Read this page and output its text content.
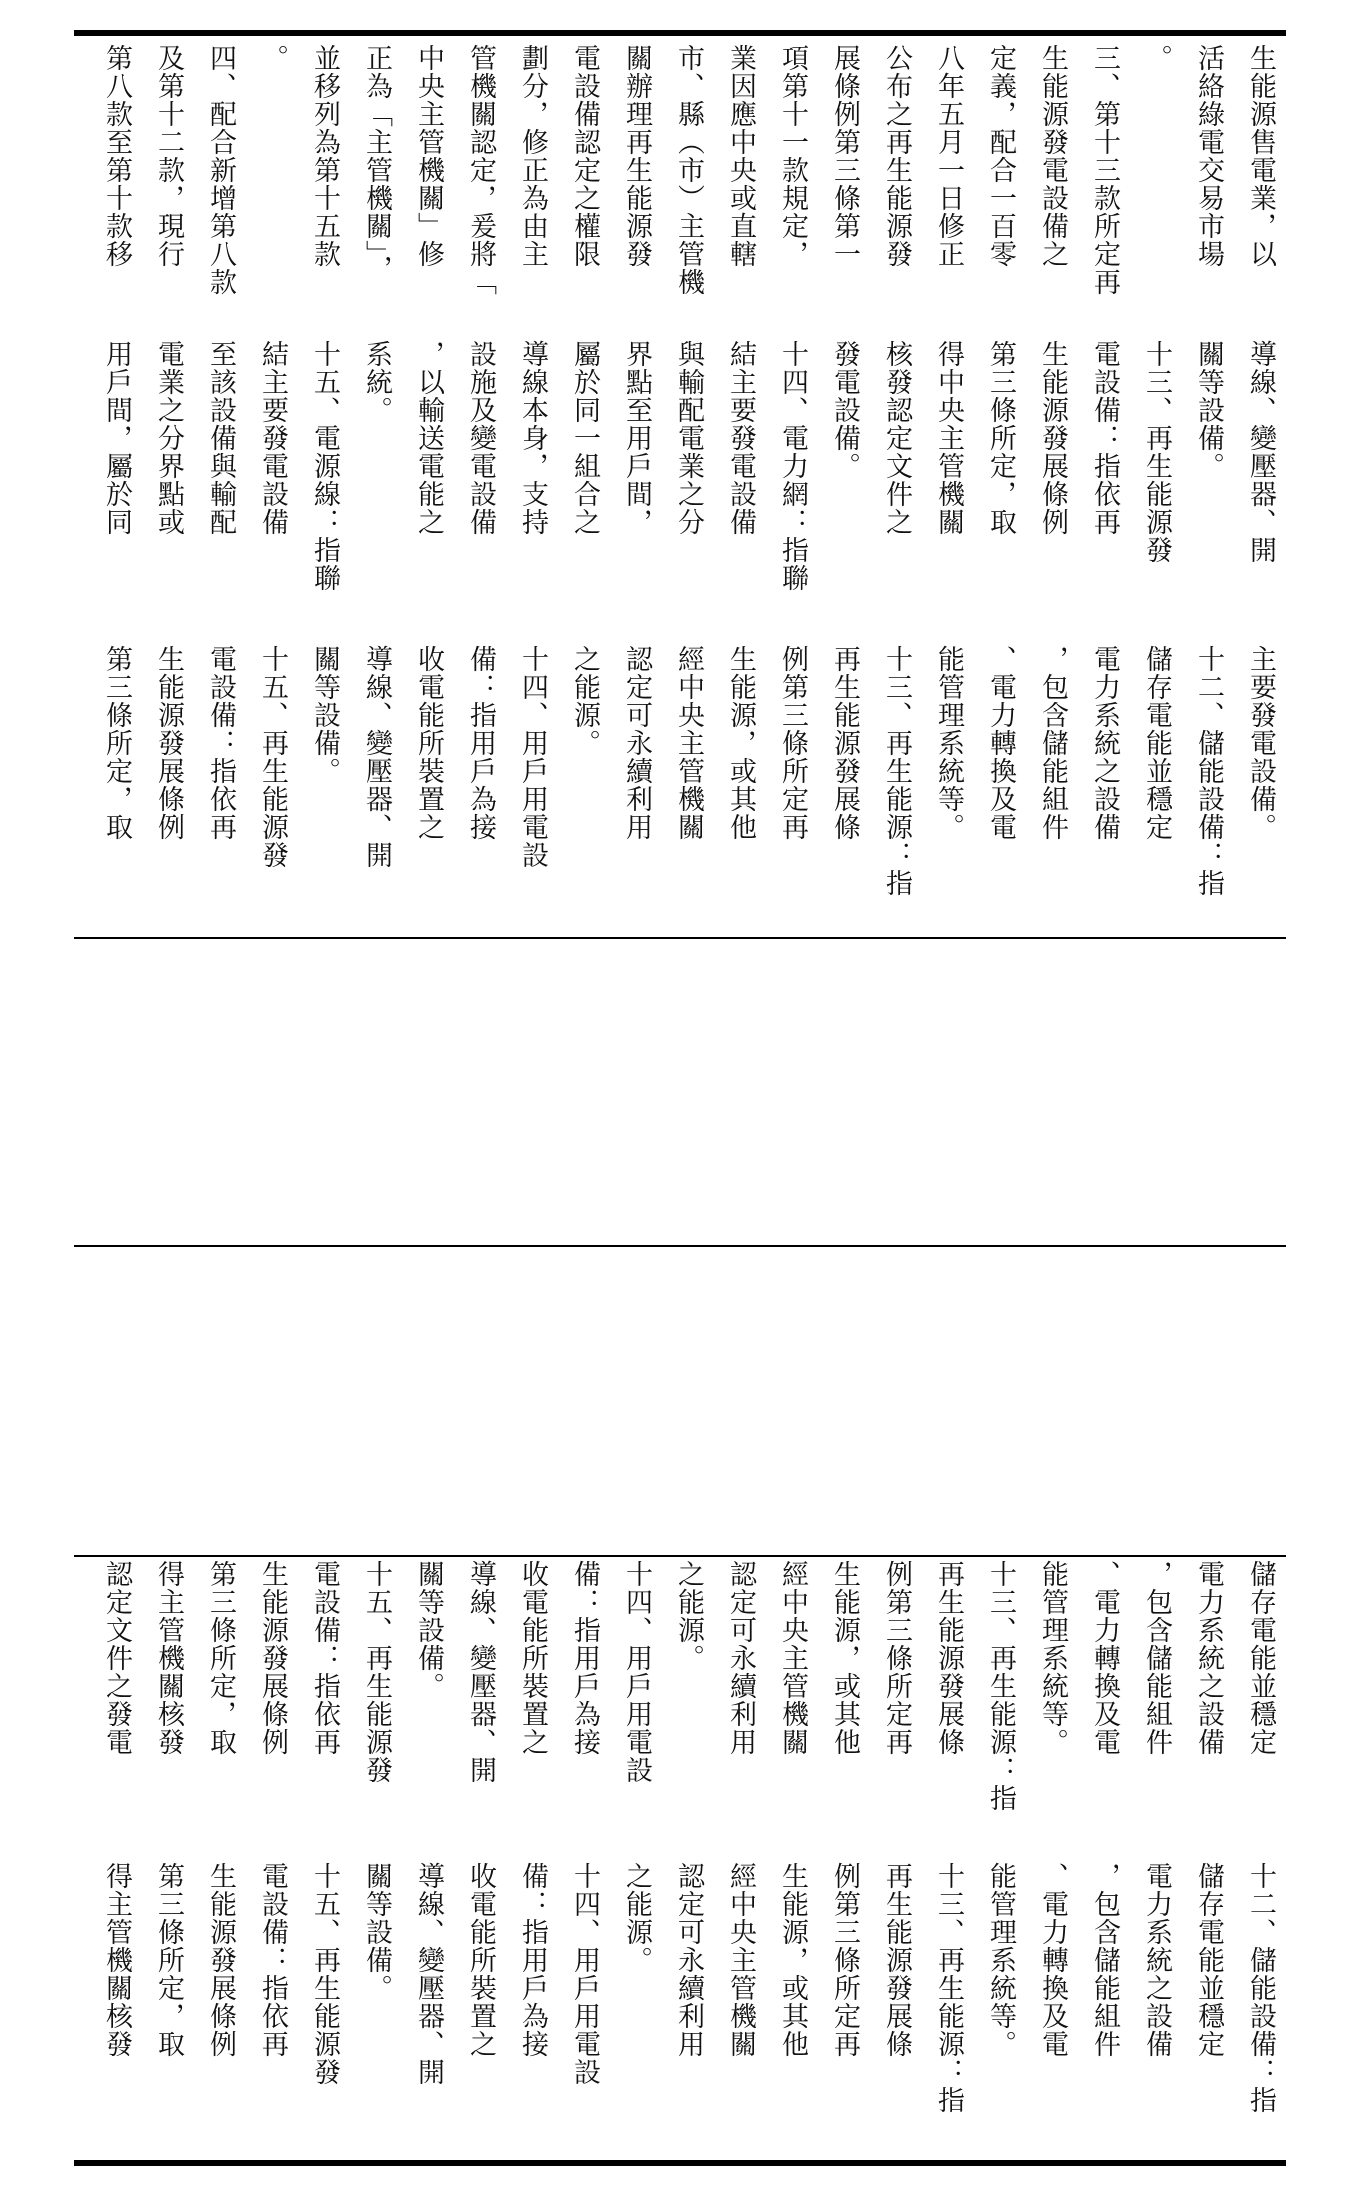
生能源售電業，以
活絡綠電交易市場
。
三、第十三款所定再
生能源發電設備之
定義，配合一百零
八年五月一日修正
公布之再生能源發
展條例第三條第一
項第十一款規定，
業因應中央或直轄
市、縣（市）主管機
關辦理再生能源發
電設備認定之權限
劃分，修正為由主
管機關認定，爰將「
中央主管機關」修
正為「主管機關」，
並移列為第十五款
。
四、配合新增第八款
及第十二款，現行
第八款至第十款移
導線、變壓器、開
關等設備。
十三、再生能源發
電設備：指依再
生能源發展條例
第三條所定，取
得中央主管機關
核發認定文件之
發電設備。
十四、電力網：指聯
結主要發電設備
與輸配電業之分
界點至用戶間，
屬於同一組合之
導線本身，支持
設施及變電設備
，以輸送電能之
系統。
十五、電源線：指聯
結主要發電設備
至該設備與輸配
電業之分界點或
用戶間，屬於同
主要發電設備。
十二、儲能設備：指
儲存電能並穩定
電力系統之設備
，包含儲能組件
、電力轉換及電
能管理系統等。
十三、再生能源：指
再生能源發展條
例第三條所定再
生能源，或其他
經中央主管機關
認定可永續利用
之能源。
十四、用戶用電設
備：指用戶為接
收電能所裝置之
導線、變壓器、開
關等設備。
十五、再生能源發
電設備：指依再
生能源發展條例
第三條所定，取
儲存電能並穩定
電力系統之設備
，包含儲能組件
、電力轉換及電
能管理系統等。
十三、再生能源：指
再生能源發展條
例第三條所定再
生能源，或其他
經中央主管機關
認定可永續利用
之能源。
十四、用戶用電設
備：指用戶為接
收電能所裝置之
導線、變壓器、開
關等設備。
十五、再生能源發
電設備：指依再
生能源發展條例
第三條所定，取
得主管機關核發
認定文件之發電
十二、儲能設備：指
儲存電能並穩定
電力系統之設備
，包含儲能組件
、電力轉換及電
能管理系統等。
十三、再生能源：指
再生能源發展條
例第三條所定再
生能源，或其他
經中央主管機關
認定可永續利用
之能源。
十四、用戶用電設
備：指用戶為接
收電能所裝置之
導線、變壓器、開
關等設備。
十五、再生能源發
電設備：指依再
生能源發展條例
第三條所定，取
得主管機關核發
